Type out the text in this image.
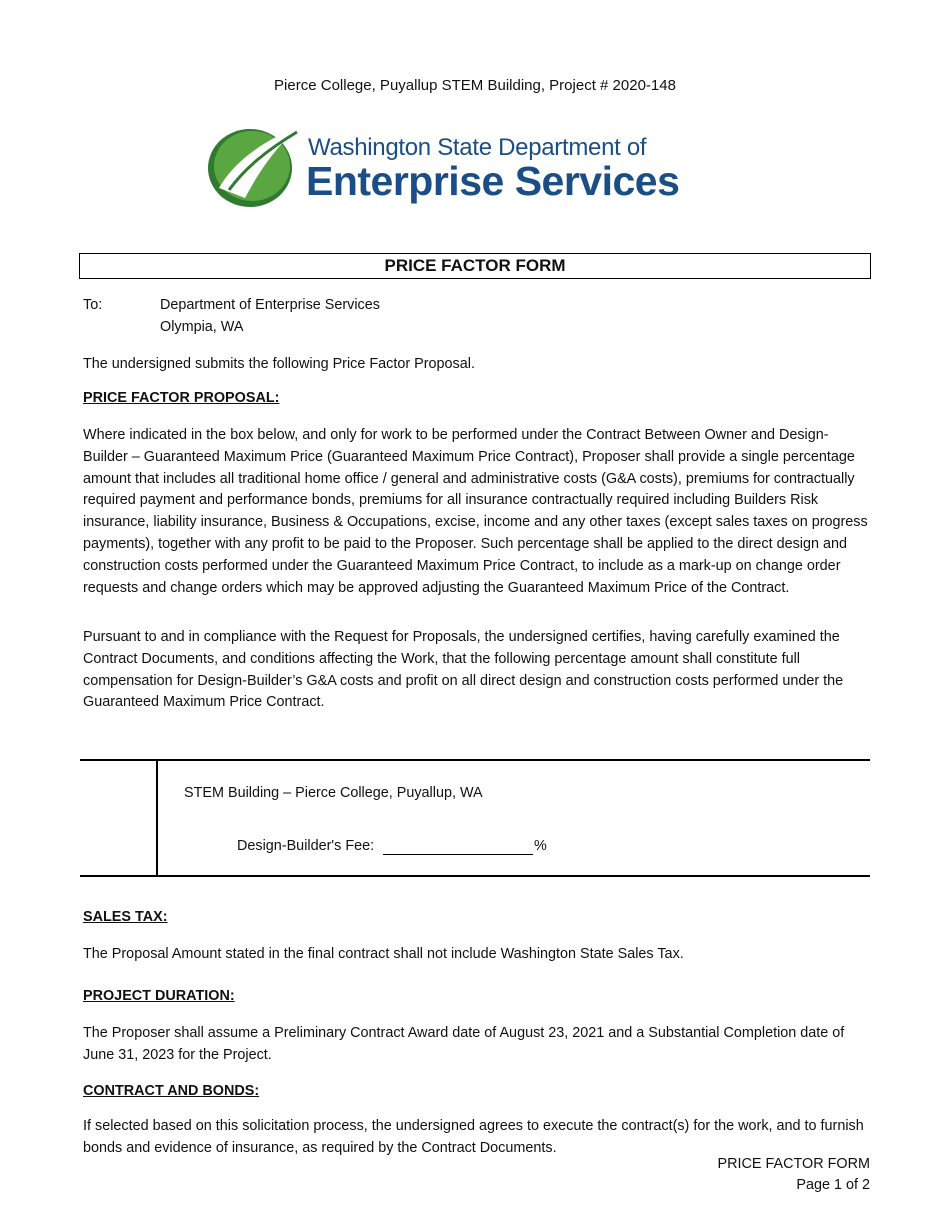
Pierce College, Puyallup STEM Building, Project # 2020-148
Washington State Department of
Enterprise Services
PRICE FACTOR FORM
To:	Department of Enterprise Services
Olympia, WA
The undersigned submits the following Price Factor Proposal.
PRICE FACTOR PROPOSAL:
Where indicated in the box below, and only for work to be performed under the Contract Between Owner and Design- Builder – Guaranteed Maximum Price (Guaranteed Maximum Price Contract), Proposer shall provide a single percentage amount that includes all traditional home office / general and administrative costs (G&A costs), premiums for contractually required payment and performance bonds, premiums for all insurance contractually required including Builders Risk insurance, liability insurance, Business & Occupations, excise, income and any other taxes (except sales taxes on progress payments), together with any profit to be paid to the Proposer. Such percentage shall be applied to the direct design and construction costs performed under the Guaranteed Maximum Price Contract, to include as a mark-up on change order requests and change orders which may be approved adjusting the Guaranteed Maximum Price of the Contract.
Pursuant to and in compliance with the Request for Proposals, the undersigned certifies, having carefully examined the Contract Documents, and conditions affecting the Work, that the following percentage amount shall constitute full compensation for Design-Builder’s G&A costs and profit on all direct design and construction costs performed under the Guaranteed Maximum Price Contract.
STEM Building – Pierce College, Puyallup, WA
Design-Builder's Fee:	%
SALES TAX:
The Proposal Amount stated in the final contract shall not include Washington State Sales Tax.
PROJECT DURATION:
The Proposer shall assume a Preliminary Contract Award date of August 23, 2021 and a Substantial Completion date of June 31, 2023 for the Project.
CONTRACT AND BONDS:
If selected based on this solicitation process, the undersigned agrees to execute the contract(s) for the work, and to furnish bonds and evidence of insurance, as required by the Contract Documents.
PRICE FACTOR FORM
Page 1 of 2
